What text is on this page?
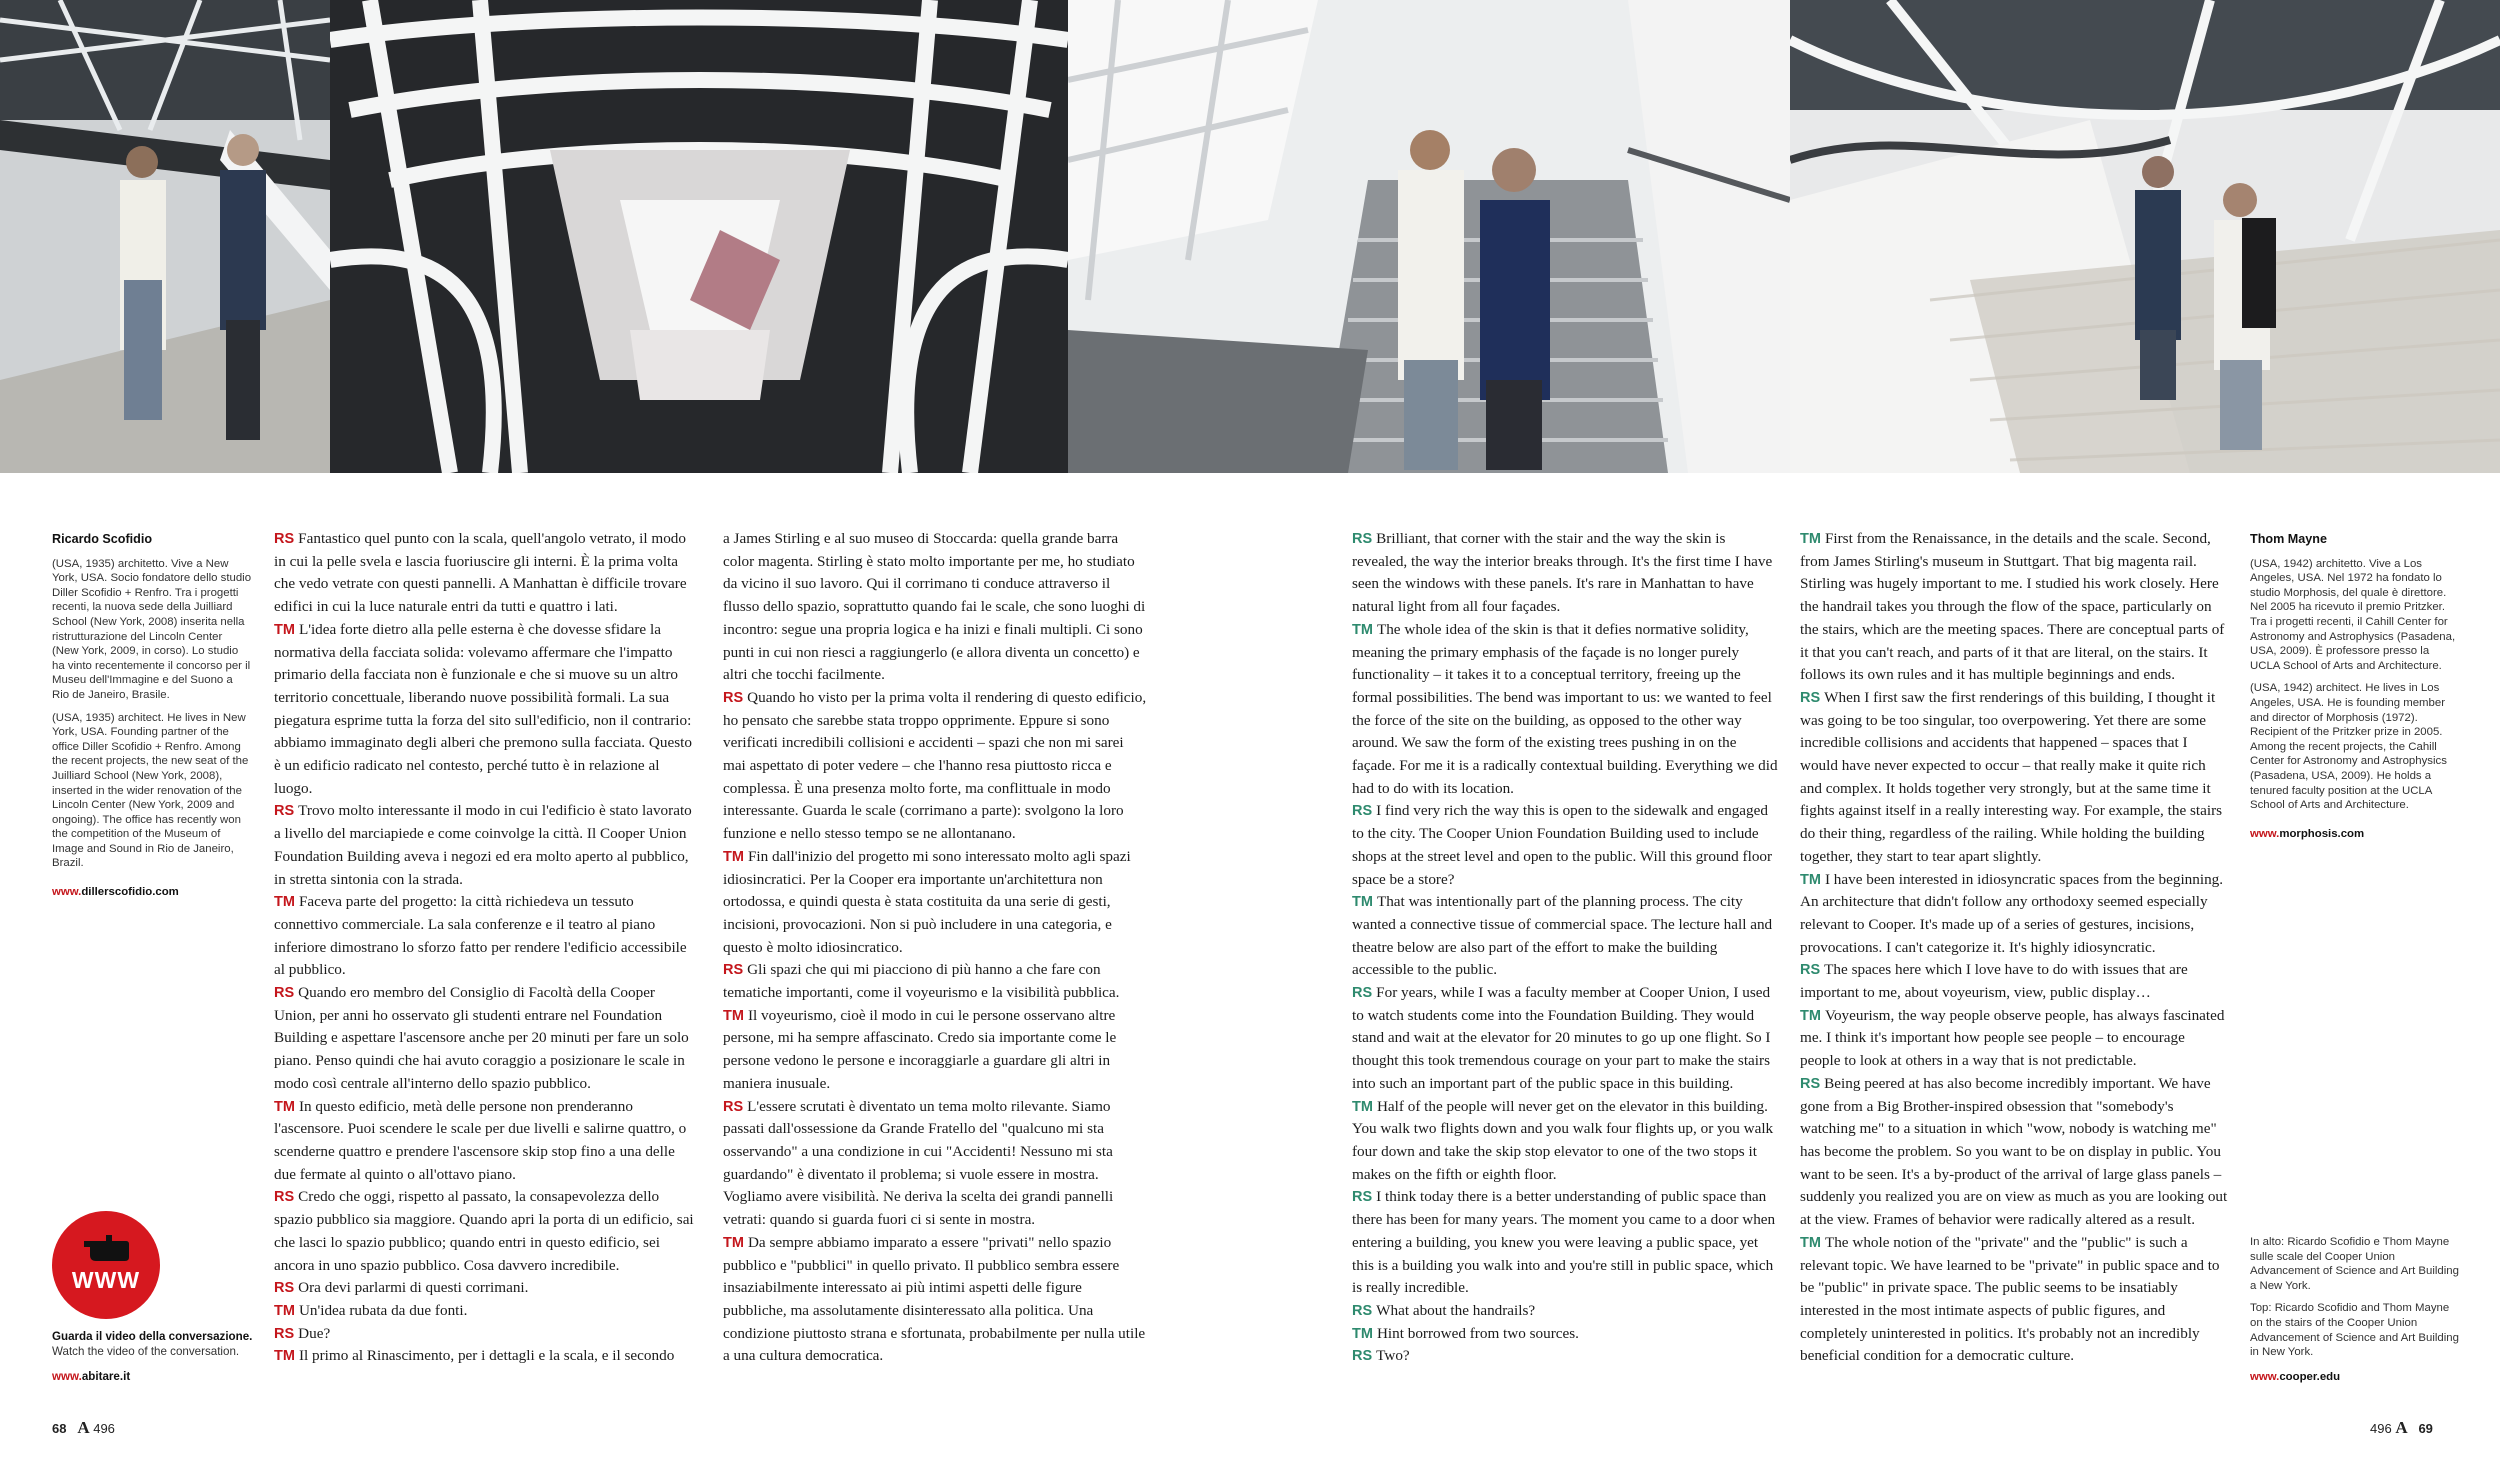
Ricardo Scofidio

(USA, 1935) architetto. Vive a New York, USA. Socio fondatore dello studio Diller Scofidio + Renfro. Tra i progetti recenti, la nuova sede della Juilliard School (New York, 2008) inserita nella ristrutturazione del Lincoln Center (New York, 2009, in corso). Lo studio ha vinto recentemente il concorso per il Museu dell'Immagine e del Suono a Rio de Janeiro, Brasile.

(USA, 1935) architect. He lives in New York, USA. Founding partner of the office Diller Scofidio + Renfro. Among the recent projects, the new seat of the Juilliard School (New York, 2008), inserted in the wider renovation of the Lincoln Center (New York, 2009 and ongoing). The office has recently won the competition of the Museum of Image and Sound in Rio de Janeiro, Brazil.

www.dillerscofidio.com
WWW
Guarda il video della conversazione.
Watch the video of the conversation.
www.abitare.it

RS Fantastico quel punto con la scala, quell'angolo vetrato, il modo in cui la pelle svela e lascia fuoriuscire gli interni. È la prima volta che vedo vetrate con questi pannelli. A Manhattan è difficile trovare edifici in cui la luce naturale entri da tutti e quattro i lati.

TM L'idea forte dietro alla pelle esterna è che dovesse sfidare la normativa della facciata solida: volevamo affermare che l'impatto primario della facciata non è funzionale e che si muove su un altro territorio concettuale, liberando nuove possibilità formali. La sua piegatura esprime tutta la forza del sito sull'edificio, non il contrario: abbiamo immaginato degli alberi che premono sulla facciata. Questo è un edificio radicato nel contesto, perché tutto è in relazione al luogo.

RS Trovo molto interessante il modo in cui l'edificio è stato lavorato a livello del marciapiede e come coinvolge la città. Il Cooper Union Foundation Building aveva i negozi ed era molto aperto al pubblico, in stretta sintonia con la strada.

TM Faceva parte del progetto: la città richiedeva un tessuto connettivo commerciale. La sala conferenze e il teatro al piano inferiore dimostrano lo sforzo fatto per rendere l'edificio accessibile al pubblico.

RS Quando ero membro del Consiglio di Facoltà della Cooper Union, per anni ho osservato gli studenti entrare nel Foundation Building e aspettare l'ascensore anche per 20 minuti per fare un solo piano. Penso quindi che hai avuto coraggio a posizionare le scale in modo così centrale all'interno dello spazio pubblico.

TM In questo edificio, metà delle persone non prenderanno l'ascensore. Puoi scendere le scale per due livelli e salirne quattro, o scenderne quattro e prendere l'ascensore skip stop fino a una delle due fermate al quinto o all'ottavo piano.

RS Credo che oggi, rispetto al passato, la consapevolezza dello spazio pubblico sia maggiore. Quando apri la porta di un edificio, sai che lasci lo spazio pubblico; quando entri in questo edificio, sei ancora in uno spazio pubblico. Cosa davvero incredibile.

RS Ora devi parlarmi di questi corrimani.

TM Un'idea rubata da due fonti.

RS Due?

TM Il primo al Rinascimento, per i dettagli e la scala, e il secondo

a James Stirling e al suo museo di Stoccarda: quella grande barra color magenta. Stirling è stato molto importante per me, ho studiato da vicino il suo lavoro. Qui il corrimano ti conduce attraverso il flusso dello spazio, soprattutto quando fai le scale, che sono luoghi di incontro: segue una propria logica e ha inizi e finali multipli. Ci sono punti in cui non riesci a raggiungerlo (e allora diventa un concetto) e altri che tocchi facilmente.

RS Quando ho visto per la prima volta il rendering di questo edificio, ho pensato che sarebbe stata troppo opprimente. Eppure si sono verificati incredibili collisioni e accidenti – spazi che non mi sarei mai aspettato di poter vedere – che l'hanno resa piuttosto ricca e complessa. È una presenza molto forte, ma conflittuale in modo interessante. Guarda le scale (corrimano a parte): svolgono la loro funzione e nello stesso tempo se ne allontanano.

TM Fin dall'inizio del progetto mi sono interessato molto agli spazi idiosincratici. Per la Cooper era importante un'architettura non ortodossa, e quindi questa è stata costituita da una serie di gesti, incisioni, provocazioni. Non si può includere in una categoria, e questo è molto idiosincratico.

RS Gli spazi che qui mi piacciono di più hanno a che fare con tematiche importanti, come il voyeurismo e la visibilità pubblica.

TM Il voyeurismo, cioè il modo in cui le persone osservano altre persone, mi ha sempre affascinato. Credo sia importante come le persone vedono le persone e incoraggiarle a guardare gli altri in maniera inusuale.

RS L'essere scrutati è diventato un tema molto rilevante. Siamo passati dall'ossessione da Grande Fratello del "qualcuno mi sta osservando" a una condizione in cui "Accidenti! Nessuno mi sta guardando" è diventato il problema; si vuole essere in mostra. Vogliamo avere visibilità. Ne deriva la scelta dei grandi pannelli vetrati: quando si guarda fuori ci si sente in mostra.

TM Da sempre abbiamo imparato a essere "privati" nello spazio pubblico e "pubblici" in quello privato. Il pubblico sembra essere insaziabilmente interessato ai più intimi aspetti delle figure pubbliche, ma assolutamente disinteressato alla politica. Una condizione piuttosto strana e sfortunata, probabilmente per nulla utile a una cultura democratica.

RS Brilliant, that corner with the stair and the way the skin is revealed, the way the interior breaks through. It's the first time I have seen the windows with these panels. It's rare in Manhattan to have natural light from all four façades.

TM The whole idea of the skin is that it defies normative solidity, meaning the primary emphasis of the façade is no longer purely functionality – it takes it to a conceptual territory, freeing up the formal possibilities. The bend was important to us: we wanted to feel the force of the site on the building, as opposed to the other way around. We saw the form of the existing trees pushing in on the façade. For me it is a radically contextual building. Everything we did had to do with its location.

RS I find very rich the way this is open to the sidewalk and engaged to the city. The Cooper Union Foundation Building used to include shops at the street level and open to the public. Will this ground floor space be a store?

TM That was intentionally part of the planning process. The city wanted a connective tissue of commercial space. The lecture hall and theatre below are also part of the effort to make the building accessible to the public.

RS For years, while I was a faculty member at Cooper Union, I used to watch students come into the Foundation Building. They would stand and wait at the elevator for 20 minutes to go up one flight. So I thought this took tremendous courage on your part to make the stairs into such an important part of the public space in this building.

TM Half of the people will never get on the elevator in this building. You walk two flights down and you walk four flights up, or you walk four down and take the skip stop elevator to one of the two stops it makes on the fifth or eighth floor.

RS I think today there is a better understanding of public space than there has been for many years. The moment you came to a door when entering a building, you knew you were leaving a public space, yet this is a building you walk into and you're still in public space, which is really incredible.

RS What about the handrails?

TM Hint borrowed from two sources.

RS Two?

TM First from the Renaissance, in the details and the scale. Second, from James Stirling's museum in Stuttgart. That big magenta rail. Stirling was hugely important to me. I studied his work closely. Here the handrail takes you through the flow of the space, particularly on the stairs, which are the meeting spaces. There are conceptual parts of it that you can't reach, and parts of it that are literal, on the stairs. It follows its own rules and it has multiple beginnings and ends.

RS When I first saw the first renderings of this building, I thought it was going to be too singular, too overpowering. Yet there are some incredible collisions and accidents that happened – spaces that I would have never expected to occur – that really make it quite rich and complex. It holds together very strongly, but at the same time it fights against itself in a really interesting way. For example, the stairs do their thing, regardless of the railing. While holding the building together, they start to tear apart slightly.

TM I have been interested in idiosyncratic spaces from the beginning. An architecture that didn't follow any orthodoxy seemed especially relevant to Cooper. It's made up of a series of gestures, incisions, provocations. I can't categorize it. It's highly idiosyncratic.

RS The spaces here which I love have to do with issues that are important to me, about voyeurism, view, public display…

TM Voyeurism, the way people observe people, has always fascinated me. I think it's important how people see people – to encourage people to look at others in a way that is not predictable.

RS Being peered at has also become incredibly important. We have gone from a Big Brother-inspired obsession that "somebody's watching me" to a situation in which "wow, nobody is watching me" has become the problem. So you want to be on display in public. You want to be seen. It's a by-product of the arrival of large glass panels – suddenly you realized you are on view as much as you are looking out at the view. Frames of behavior were radically altered as a result.

TM The whole notion of the "private" and the "public" is such a relevant topic. We have learned to be "private" in public space and to be "public" in private space. The public seems to be insatiably interested in the most intimate aspects of public figures, and completely uninterested in politics. It's probably not an incredibly beneficial condition for a democratic culture.

Thom Mayne

(USA, 1942) architetto. Vive a Los Angeles, USA. Nel 1972 ha fondato lo studio Morphosis, del quale è direttore. Nel 2005 ha ricevuto il premio Pritzker. Tra i progetti recenti, il Cahill Center for Astronomy and Astrophysics (Pasadena, USA, 2009). È professore presso la UCLA School of Arts and Architecture.

(USA, 1942) architect. He lives in Los Angeles, USA. He is founding member and director of Morphosis (1972). Recipient of the Pritzker prize in 2005. Among the recent projects, the Cahill Center for Astronomy and Astrophysics (Pasadena, USA, 2009). He holds a tenured faculty position at the UCLA School of Arts and Architecture.

www.morphosis.com

In alto: Ricardo Scofidio e Thom Mayne sulle scale del Cooper Union Advancement of Science and Art Building a New York.

Top: Ricardo Scofidio and Thom Mayne on the stairs of the Cooper Union Advancement of Science and Art Building in New York.

www.cooper.edu
68 A 496	496 A 69
